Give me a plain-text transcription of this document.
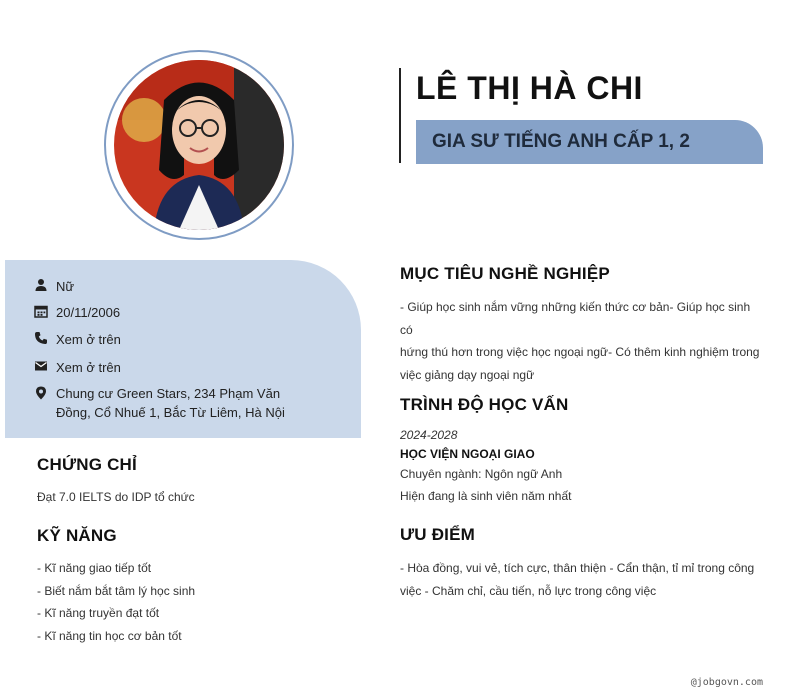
LÊ THỊ HÀ CHI
GIA SƯ TIẾNG ANH CẤP 1, 2
Nữ
20/11/2006
Xem ở trên
Xem ở trên
Chung cư Green Stars, 234 Phạm Văn
Đồng, Cổ Nhuế 1, Bắc Từ Liêm, Hà Nội
CHỨNG CHỈ
Đạt 7.0 IELTS do IDP tổ chức
KỸ NĂNG
- Kĩ năng giao tiếp tốt
- Biết nắm bắt tâm lý học sinh
- Kĩ năng truyền đạt tốt
- Kĩ năng tin học cơ bản tốt
MỤC TIÊU NGHỀ NGHIỆP
- Giúp học sinh nắm vững những kiến thức cơ bản- Giúp học sinh có
hứng thú hơn trong việc học ngoại ngữ- Có thêm kinh nghiệm trong
việc giảng dạy ngoại ngữ
TRÌNH ĐỘ HỌC VẤN
2024-2028
HỌC VIỆN NGOẠI GIAO
Chuyên ngành: Ngôn ngữ Anh
Hiện đang là sinh viên năm nhất
ƯU ĐIỂM
- Hòa đồng, vui vẻ, tích cực, thân thiện - Cẩn thận, tỉ mỉ trong công
việc - Chăm chỉ, cầu tiến, nỗ lực trong công việc
@jobgovn.com
